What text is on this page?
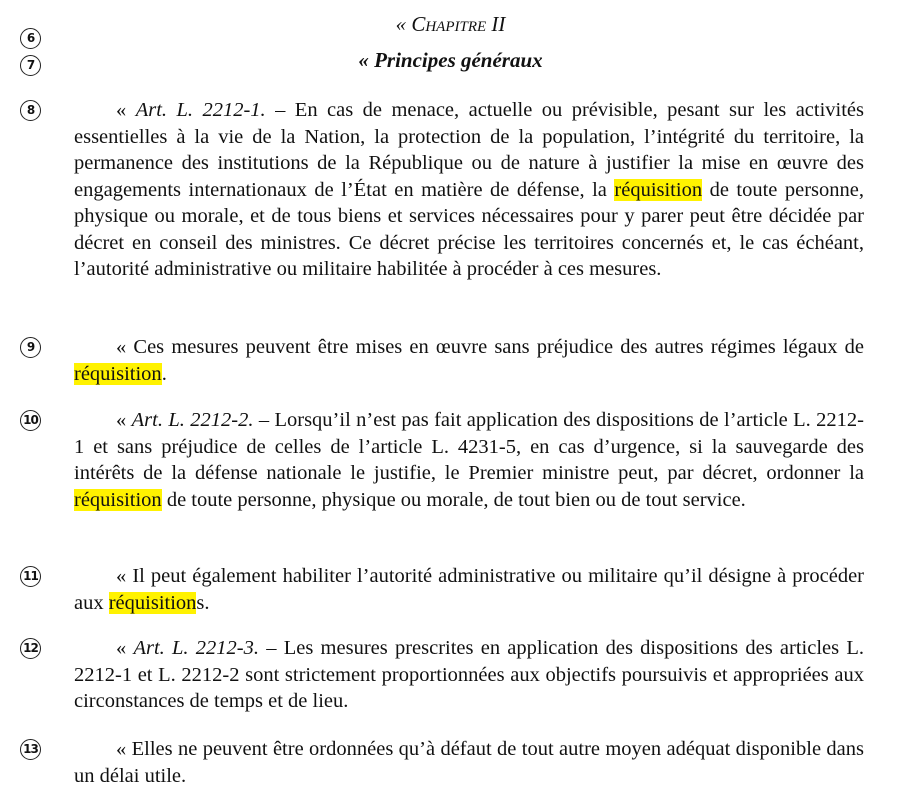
6
7
8
9
10
11
12
13
« Chapitre II
« Principes généraux

« Art. L. 2212-1. – En cas de menace, actuelle ou prévisible, pesant sur les activités essentielles à la vie de la Nation, la protection de la population, l’intégrité du territoire, la permanence des institutions de la République ou de nature à justifier la mise en œuvre des engagements internationaux de l’État en matière de défense, la réquisition de toute personne, physique ou morale, et de tous biens et services nécessaires pour y parer peut être décidée par décret en conseil des ministres. Ce décret précise les territoires concernés et, le cas échéant, l’autorité administrative ou militaire habilitée à procéder à ces mesures.

« Ces mesures peuvent être mises en œuvre sans préjudice des autres régimes légaux de réquisition.

« Art. L. 2212-2. – Lorsqu’il n’est pas fait application des dispositions de l’article L. 2212-1 et sans préjudice de celles de l’article L. 4231-5, en cas d’urgence, si la sauvegarde des intérêts de la défense nationale le justifie, le Premier ministre peut, par décret, ordonner la réquisition de toute personne, physique ou morale, de tout bien ou de tout service.

« Il peut également habiliter l’autorité administrative ou militaire qu’il désigne à procéder aux réquisitions.

« Art. L. 2212-3. – Les mesures prescrites en application des dispositions des articles L. 2212-1 et L. 2212-2 sont strictement proportionnées aux objectifs poursuivis et appropriées aux circonstances de temps et de lieu.

« Elles ne peuvent être ordonnées qu’à défaut de tout autre moyen adéquat disponible dans un délai utile.
